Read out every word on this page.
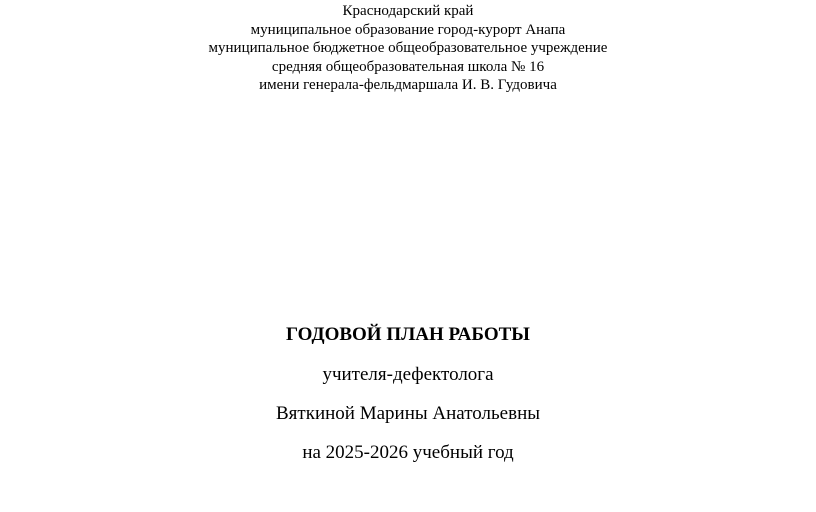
Краснодарский край
муниципальное образование город-курорт Анапа
муниципальное бюджетное общеобразовательное учреждение
средняя общеобразовательная школа № 16
имени генерала-фельдмаршала И. В. Гудовича
ГОДОВОЙ ПЛАН РАБОТЫ
учителя-дефектолога
Вяткиной Марины Анатольевны
на 2025-2026 учебный год
